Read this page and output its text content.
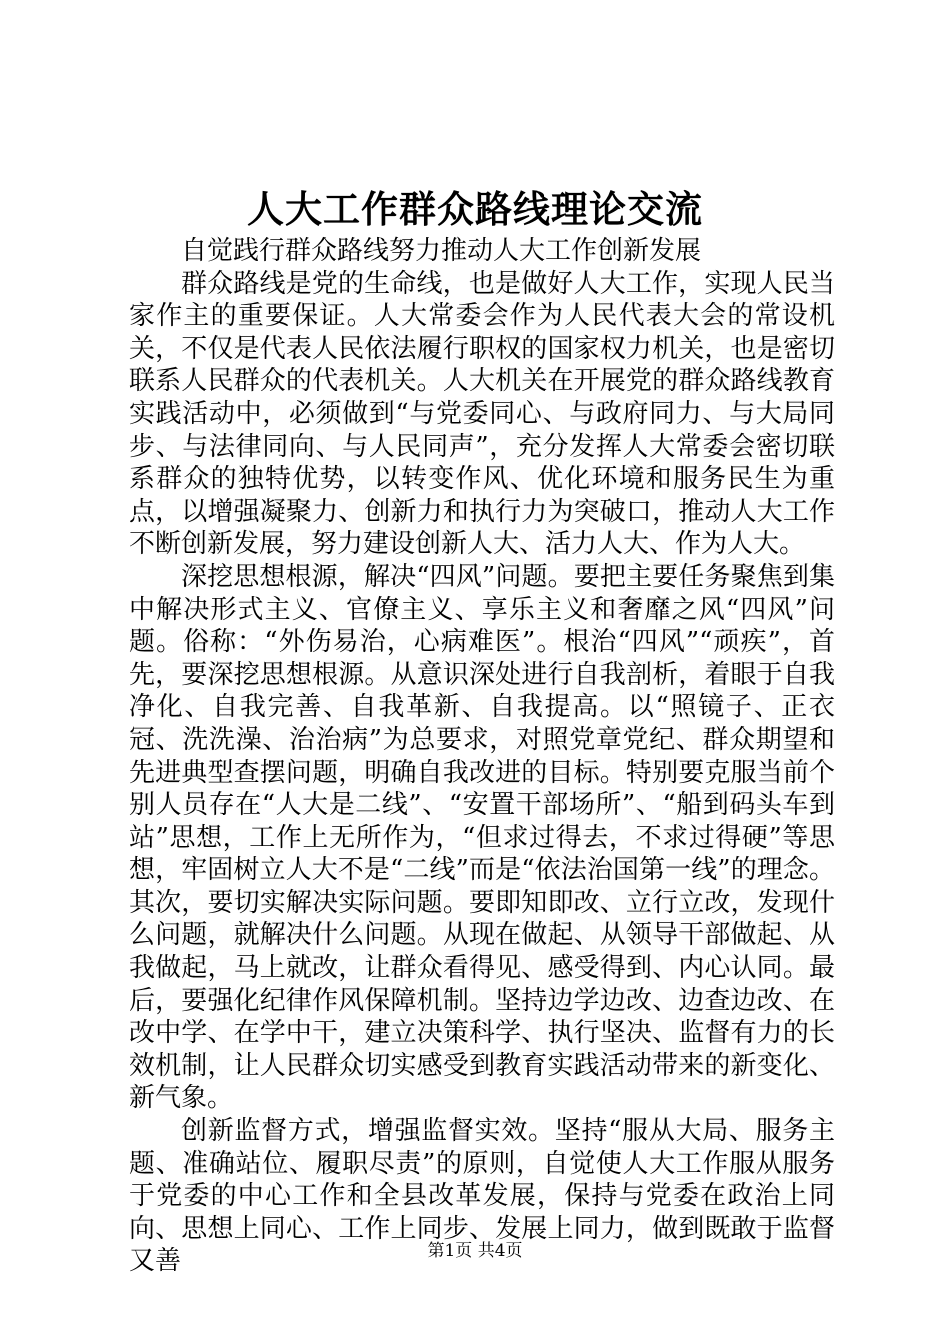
人大工作群众路线理论交流

自觉践行群众路线努力推动人大工作创新发展

群众路线是党的生命线，也是做好人大工作，实现人民当家作主的重要保证。人大常委会作为人民代表大会的常设机关，不仅是代表人民依法履行职权的国家权力机关，也是密切联系人民群众的代表机关。人大机关在开展党的群众路线教育实践活动中，必须做到“与党委同心、与政府同力、与大局同步、与法律同向、与人民同声”，充分发挥人大常委会密切联系群众的独特优势，以转变作风、优化环境和服务民生为重点，以增强凝聚力、创新力和执行力为突破口，推动人大工作不断创新发展，努力建设创新人大、活力人大、作为人大。

深挖思想根源，解决“四风”问题。要把主要任务聚焦到集中解决形式主义、官僚主义、享乐主义和奢靡之风“四风”问题。俗称：“外伤易治，心病难医”。根治“四风”“顽疾”，首先，要深挖思想根源。从意识深处进行自我剖析，着眼于自我净化、自我完善、自我革新、自我提高。以“照镜子、正衣冠、洗洗澡、治治病”为总要求，对照党章党纪、群众期望和先进典型查摆问题，明确自我改进的目标。特别要克服当前个别人员存在“人大是二线”、“安置干部场所”、“船到码头车到站”思想，工作上无所作为，“但求过得去，不求过得硬”等思想，牢固树立人大不是“二线”而是“依法治国第一线”的理念。其次，要切实解决实际问题。要即知即改、立行立改，发现什么问题，就解决什么问题。从现在做起、从领导干部做起、从我做起，马上就改，让群众看得见、感受得到、内心认同。最后，要强化纪律作风保障机制。坚持边学边改、边查边改、在改中学、在学中干，建立决策科学、执行坚决、监督有力的长效机制，让人民群众切实感受到教育实践活动带来的新变化、新气象。

创新监督方式，增强监督实效。坚持“服从大局、服务主题、准确站位、履职尽责”的原则，自觉使人大工作服从服务于党委的中心工作和全县改革发展，保持与党委在政治上同向、思想上同心、工作上同步、发展上同力，做到既敢于监督又善	第1页 共4页
